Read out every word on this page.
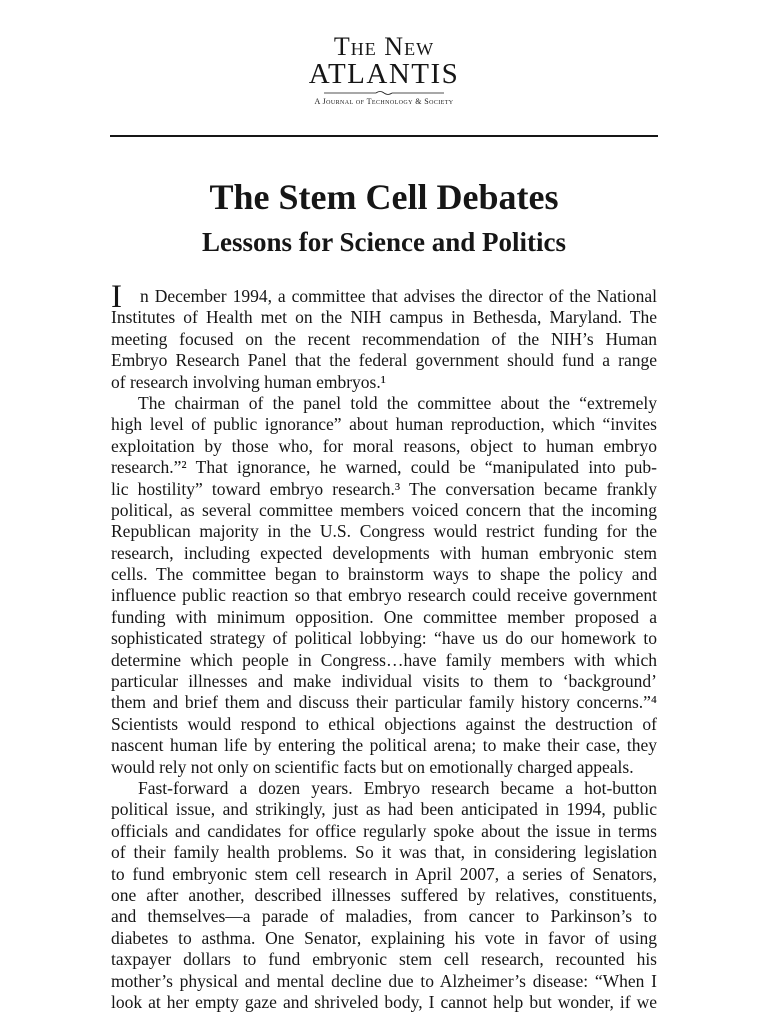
The New
ATLANTIS
A Journal of Technology & Society
The Stem Cell Debates
Lessons for Science and Politics
I	n December 1994, a committee that advises the director of the National
Institutes of Health met on the NIH campus in Bethesda, Maryland. The
meeting focused on the recent recommendation of the NIH’s Human
Embryo Research Panel that the federal government should fund a range
of research involving human embryos.¹
The chairman of the panel told the committee about the “extremely
high level of public ignorance” about human reproduction, which “invites
exploitation by those who, for moral reasons, object to human embryo
research.”² That ignorance, he warned, could be “manipulated into pub-
lic hostility” toward embryo research.³ The conversation became frankly
political, as several committee members voiced concern that the incoming
Republican majority in the U.S. Congress would restrict funding for the
research, including expected developments with human embryonic stem
cells. The committee began to brainstorm ways to shape the policy and
influence public reaction so that embryo research could receive government
funding with minimum opposition. One committee member proposed a
sophisticated strategy of political lobbying: “have us do our homework to
determine which people in Congress…have family members with which
particular illnesses and make individual visits to them to ‘background’
them and brief them and discuss their particular family history concerns.”⁴
Scientists would respond to ethical objections against the destruction of
nascent human life by entering the political arena; to make their case, they
would rely not only on scientific facts but on emotionally charged appeals.
Fast-forward a dozen years. Embryo research became a hot-button
political issue, and strikingly, just as had been anticipated in 1994, public
officials and candidates for office regularly spoke about the issue in terms
of their family health problems. So it was that, in considering legislation
to fund embryonic stem cell research in April 2007, a series of Senators,
one after another, described illnesses suffered by relatives, constituents,
and themselves—a parade of maladies, from cancer to Parkinson’s to
diabetes to asthma. One Senator, explaining his vote in favor of using
taxpayer dollars to fund embryonic stem cell research, recounted his
mother’s physical and mental decline due to Alzheimer’s disease: “When I
look at her empty gaze and shriveled body, I cannot help but wonder, if we
